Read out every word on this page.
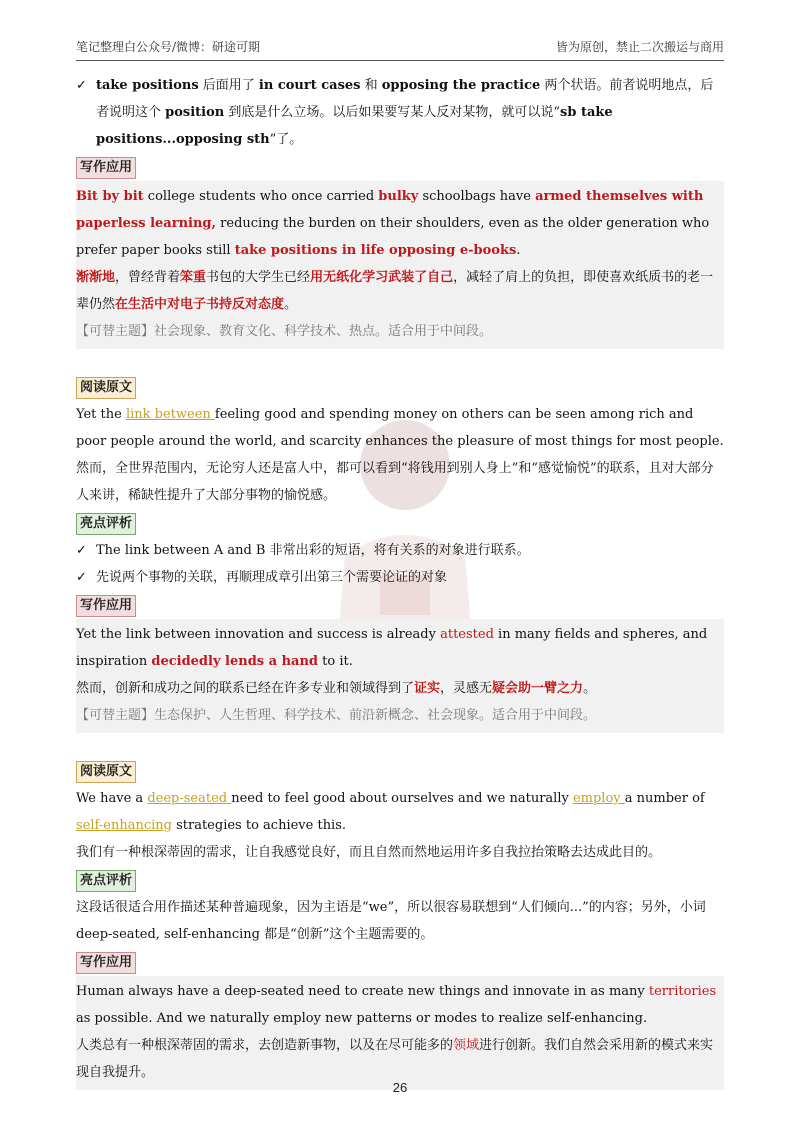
笔记整理白公众号/微博：研途可期	皆为原创，禁止二次搬运与商用
✓ take positions 后面用了 in court cases 和 opposing the practice 两个状语。前者说明地点，后者说明这个 position 到底是什么立场。以后如果要写某人反对某物，就可以说“sb take positions...opposing sth”了。
写作应用
Bit by bit college students who once carried bulky schoolbags have armed themselves with paperless learning, reducing the burden on their shoulders, even as the older generation who prefer paper books still take positions in life opposing e-books.
渐渐地，曾经背着笨重书包的大学生已经用无纸化学习武装了自己，减轻了肩上的负担，即使喜欢纸质书的老一辈仍然在生活中对电子书持反对态度。
【可替主题】社会现象、教育文化、科学技术、热点。适合用于中间段。
阅读原文
Yet the link between feeling good and spending money on others can be seen among rich and poor people around the world, and scarcity enhances the pleasure of most things for most people.
然而，全世界范围内，无论穷人还是富人中，都可以看到“将钱用到别人身上”和“感觉愉悦”的联系，且对大部分人来讲，稀缺性提升了大部分事物的愉悦感。
亮点评析
✓ The link between A and B 非常出彩的短语，将有关系的对象进行联系。
✓ 先说两个事物的关联，再顺理成章引出第三个需要论证的对象
写作应用
Yet the link between innovation and success is already attested in many fields and spheres, and inspiration decidedly lends a hand to it.
然而，创新和成功之间的联系已经在许多专业和领域得到了证实，灵感无疑会助一臂之力。
【可替主题】生态保护、人生哲理、科学技术、前沿新概念、社会现象。适合用于中间段。
阅读原文
We have a deep-seated need to feel good about ourselves and we naturally employ a number of self-enhancing strategies to achieve this.
我们有一种根深蒂固的需求，让自我感觉良好，而且自然而然地运用许多自我拉抬策略去达成此目的。
亮点评析
这段话很适合用作描述某种普遍现象，因为主语是“we”，所以很容易联想到“人们倾向...”的内容；另外，小词 deep-seated, self-enhancing 都是“创新”这个主题需要的。
写作应用
Human always have a deep-seated need to create new things and innovate in as many territories as possible. And we naturally employ new patterns or modes to realize self-enhancing.
人类总有一种根深蒂固的需求，去创造新事物，以及在尽可能多的领域进行创新。我们自然会采用新的模式来实现自我提升。
26
